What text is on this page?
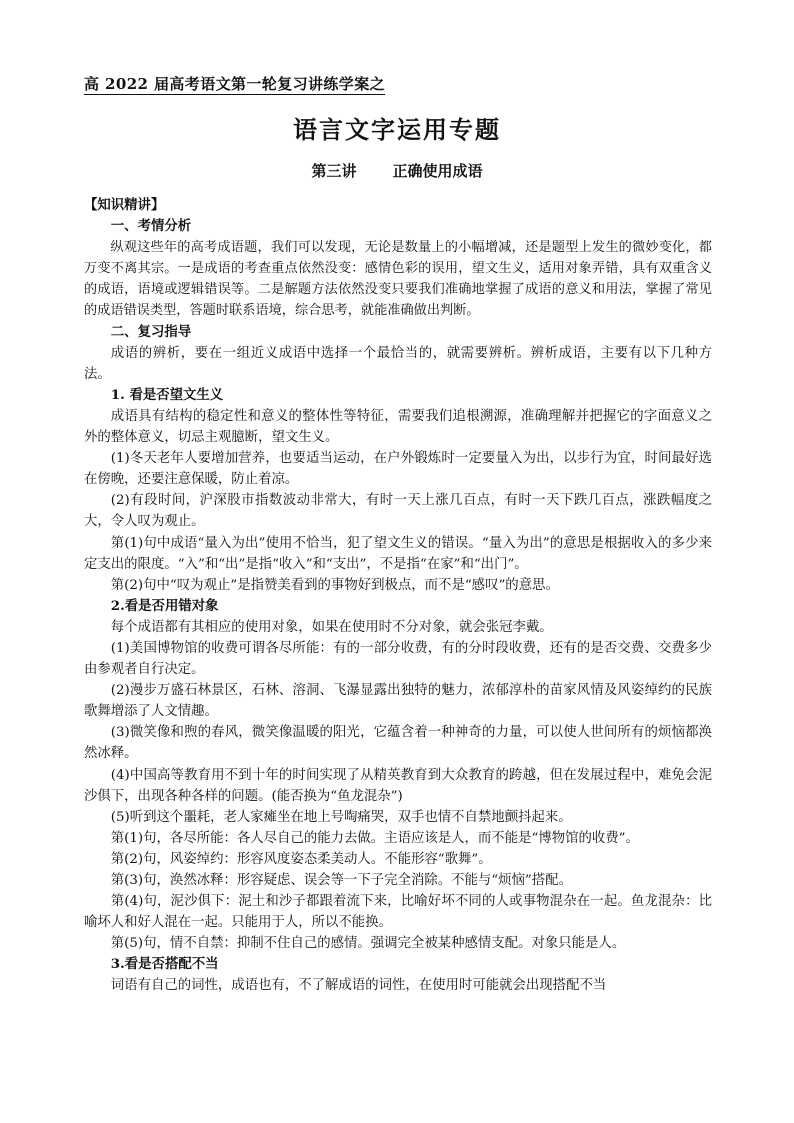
高 2022 届高考语文第一轮复习讲练学案之
语言文字运用专题
第三讲 正确使用成语

【知识精讲】

一、考情分析

纵观这些年的高考成语题，我们可以发现，无论是数量上的小幅增减，还是题型上发生的微妙变化，都万变不离其宗。一是成语的考查重点依然没变：感情色彩的误用，望文生义，适用对象弄错，具有双重含义的成语，语境或逻辑错误等。二是解题方法依然没变只要我们准确地掌握了成语的意义和用法，掌握了常见的成语错误类型，答题时联系语境，综合思考，就能准确做出判断。

二、复习指导

成语的辨析，要在一组近义成语中选择一个最恰当的，就需要辨析。辨析成语，主要有以下几种方法。

1. 看是否望文生义

成语具有结构的稳定性和意义的整体性等特征，需要我们追根溯源，准确理解并把握它的字面意义之外的整体意义，切忌主观臆断，望文生义。

(1)冬天老年人要增加营养，也要适当运动，在户外锻炼时一定要量入为出，以步行为宜，时间最好选在傍晚，还要注意保暖，防止着凉。

(2)有段时间，沪深股市指数波动非常大，有时一天上涨几百点，有时一天下跌几百点，涨跌幅度之大，令人叹为观止。

第(1)句中成语“量入为出”使用不恰当，犯了望文生义的错误。“量入为出”的意思是根据收入的多少来定支出的限度。“入”和“出”是指“收入”和“支出”，不是指“在家”和“出门”。

第(2)句中“叹为观止”是指赞美看到的事物好到极点，而不是“感叹”的意思。

2.看是否用错对象

每个成语都有其相应的使用对象，如果在使用时不分对象，就会张冠李戴。

(1)美国博物馆的收费可谓各尽所能：有的一部分收费，有的分时段收费，还有的是否交费、交费多少由参观者自行决定。

(2)漫步万盛石林景区，石林、溶洞、飞瀑显露出独特的魅力，浓郁淳朴的苗家风情及风姿绰约的民族歌舞增添了人文情趣。

(3)微笑像和煦的春风，微笑像温暖的阳光，它蕴含着一种神奇的力量，可以使人世间所有的烦恼都涣然冰释。

(4)中国高等教育用不到十年的时间实现了从精英教育到大众教育的跨越，但在发展过程中，难免会泥沙俱下，出现各种各样的问题。(能否换为“鱼龙混杂”)

(5)听到这个噩耗，老人家瘫坐在地上号啕痛哭，双手也情不自禁地颤抖起来。

第(1)句，各尽所能：各人尽自己的能力去做。主语应该是人，而不能是“博物馆的收费”。

第(2)句，风姿绰约：形容风度姿态柔美动人。不能形容“歌舞”。

第(3)句，涣然冰释：形容疑虑、误会等一下子完全消除。不能与“烦恼”搭配。

第(4)句，泥沙俱下：泥土和沙子都跟着流下来，比喻好坏不同的人或事物混杂在一起。鱼龙混杂：比喻坏人和好人混在一起。只能用于人，所以不能换。

第(5)句，情不自禁：抑制不住自己的感情。强调完全被某种感情支配。对象只能是人。

3.看是否搭配不当

词语有自己的词性，成语也有，不了解成语的词性，在使用时可能就会出现搭配不当
